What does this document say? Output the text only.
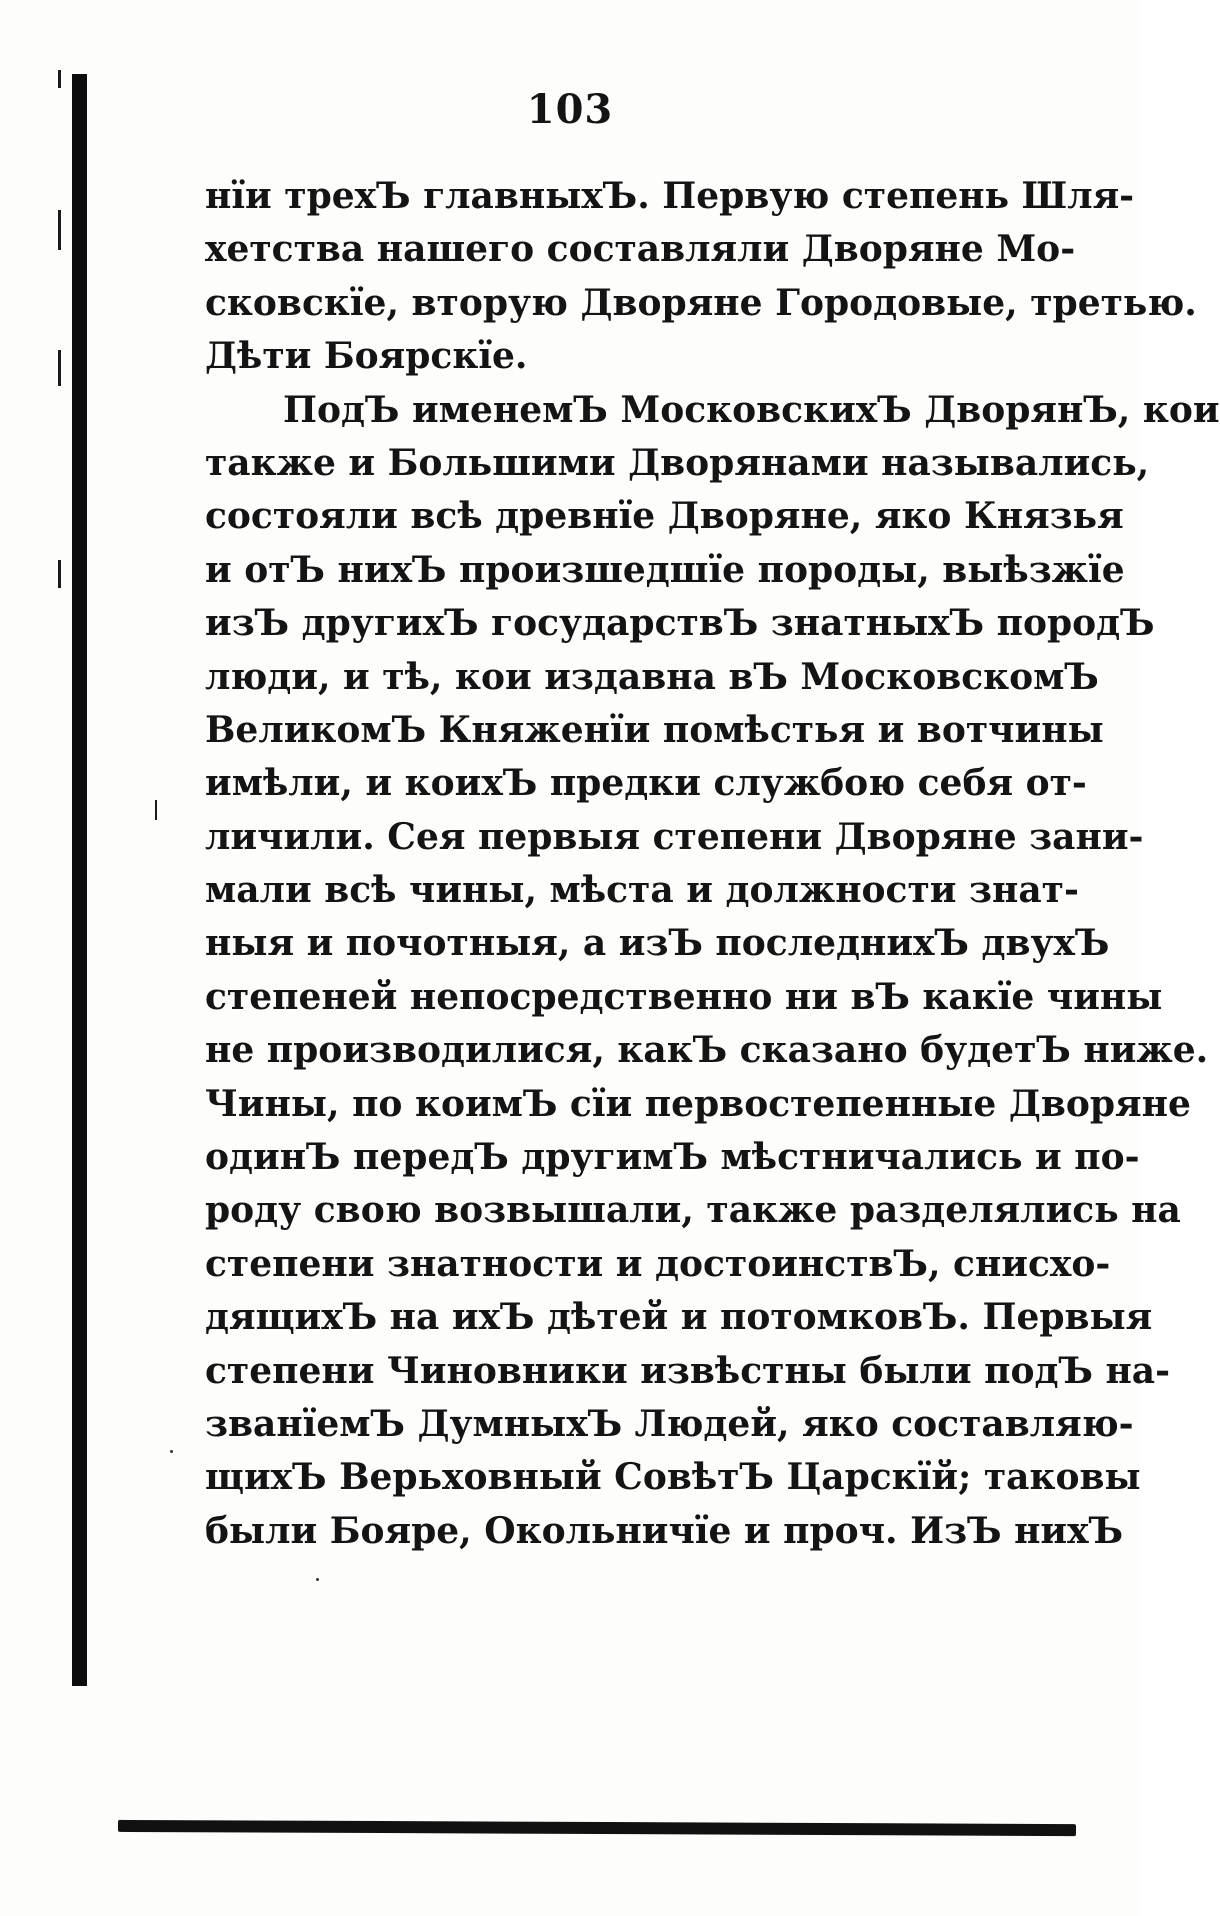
103
нїи трехЪ главныхЪ. Первую степень Шля-
хетства нашего составляли Дворяне Мо-
сковскїе, вторую Дворяне Городовые, третью.
Дѣти Боярскїе.
ПодЪ именемЪ МосковскихЪ ДворянЪ, кои
также и Большими Дворянами назывались,
состояли всѣ древнїе Дворяне, яко Князья
и отЪ нихЪ произшедшїе породы, выѣзжїе
изЪ другихЪ государствЪ знатныхЪ породЪ
люди, и тѣ, кои издавна вЪ МосковскомЪ
ВеликомЪ Княженїи помѣстья и вотчины
имѣли, и коихЪ предки службою себя от-
личили. Сея первыя степени Дворяне зани-
мали всѣ чины, мѣста и должности знат-
ныя и почотныя, а изЪ последнихЪ двухЪ
степеней непосредственно ни вЪ какїе чины
не производилися, какЪ сказано будетЪ ниже.
Чины, по коимЪ сїи первостепенные Дворяне
одинЪ передЪ другимЪ мѣстничались и по-
роду свою возвышали, также разделялись на
степени знатности и достоинствЪ, снисхо-
дящихЪ на ихЪ дѣтей и потомковЪ. Первыя
степени Чиновники извѣстны были подЪ на-
званїемЪ ДумныхЪ Людей, яко составляю-
щихЪ Верьховный СовѣтЪ Царскїй; таковы
были Бояре, Окольничїе и проч. ИзЪ нихЪ
